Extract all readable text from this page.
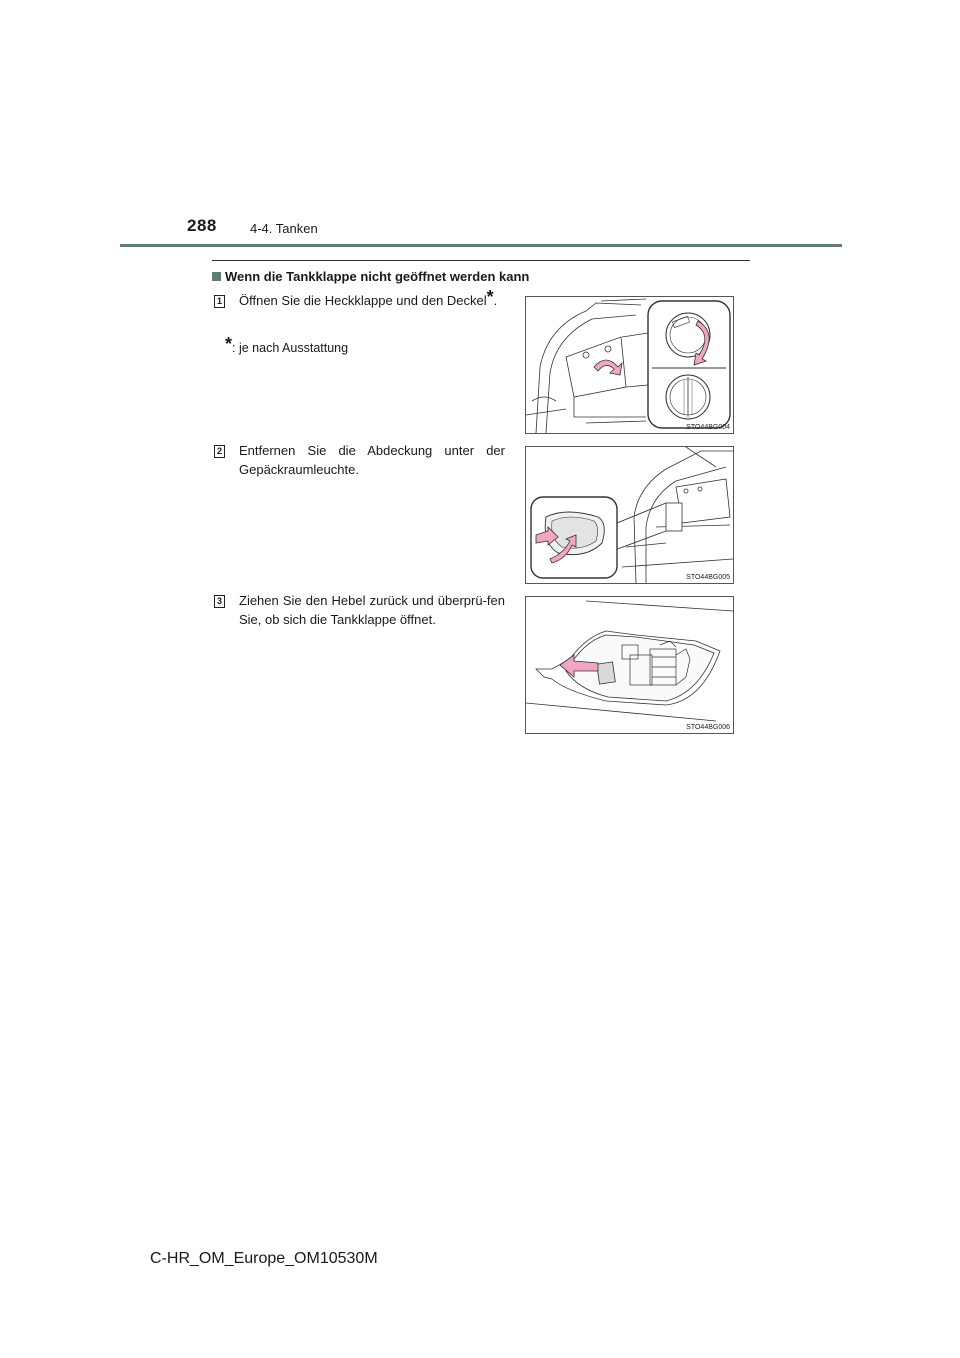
288	4-4. Tanken
Wenn die Tankklappe nicht geöffnet werden kann
1 Öffnen Sie die Heckklappe und den Deckel*.
*: je nach Ausstattung
STO44BG004
2 Entfernen Sie die Abdeckung unter der Gepäckraumleuchte.
STO44BG005
3 Ziehen Sie den Hebel zurück und überprü-fen Sie, ob sich die Tankklappe öffnet.
STO44BG006
C-HR_OM_Europe_OM10530M
